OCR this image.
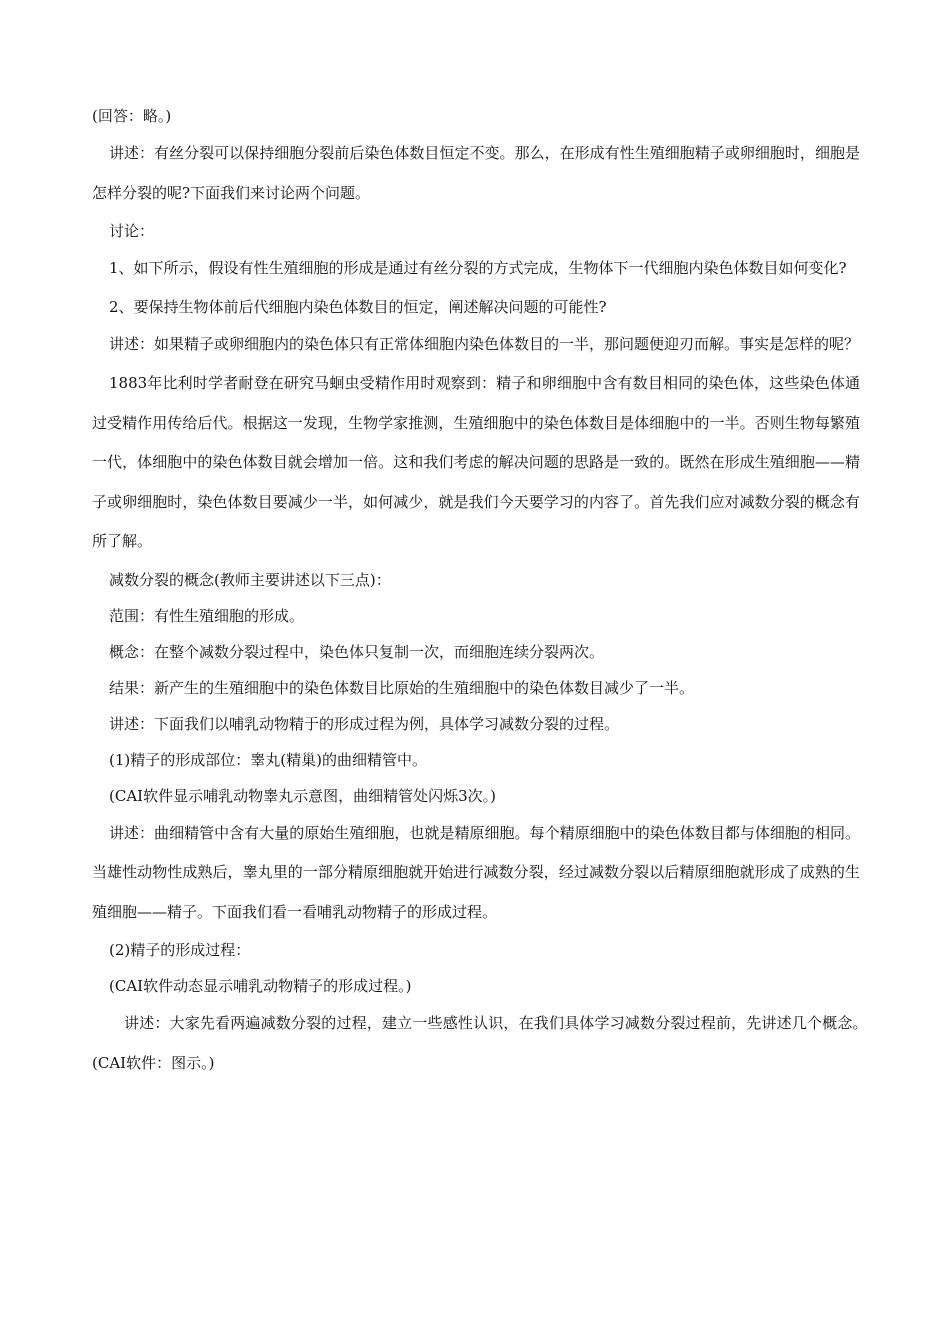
(回答：略。)

讲述：有丝分裂可以保持细胞分裂前后染色体数目恒定不变。那么，在形成有性生殖细胞精子或卵细胞时，细胞是怎样分裂的呢?下面我们来讨论两个问题。

讨论：

1、如下所示，假设有性生殖细胞的形成是通过有丝分裂的方式完成，生物体下一代细胞内染色体数目如何变化?

2、要保持生物体前后代细胞内染色体数目的恒定，阐述解决问题的可能性?

讲述：如果精子或卵细胞内的染色体只有正常体细胞内染色体数目的一半，那问题便迎刃而解。事实是怎样的呢？

1883年比利时学者耐登在研究马蛔虫受精作用时观察到：精子和卵细胞中含有数目相同的染色体，这些染色体通过受精作用传给后代。根据这一发现，生物学家推测，生殖细胞中的染色体数目是体细胞中的一半。否则生物每繁殖一代，体细胞中的染色体数目就会增加一倍。这和我们考虑的解决问题的思路是一致的。既然在形成生殖细胞——精子或卵细胞时，染色体数目要减少一半，如何减少，就是我们今天要学习的内容了。首先我们应对减数分裂的概念有所了解。

减数分裂的概念(教师主要讲述以下三点)：

范围：有性生殖细胞的形成。

概念：在整个减数分裂过程中，染色体只复制一次，而细胞连续分裂两次。

结果：新产生的生殖细胞中的染色体数目比原始的生殖细胞中的染色体数目减少了一半。

讲述：下面我们以哺乳动物精于的形成过程为例，具体学习减数分裂的过程。

(1)精子的形成部位：睾丸(精巢)的曲细精管中。

(CAI软件显示哺乳动物睾丸示意图，曲细精管处闪烁3次。)

讲述：曲细精管中含有大量的原始生殖细胞，也就是精原细胞。每个精原细胞中的染色体数目都与体细胞的相同。当雄性动物性成熟后，睾丸里的一部分精原细胞就开始进行减数分裂，经过减数分裂以后精原细胞就形成了成熟的生殖细胞——精子。下面我们看一看哺乳动物精子的形成过程。

(2)精子的形成过程：

(CAI软件动态显示哺乳动物精子的形成过程。)

讲述：大家先看两遍减数分裂的过程，建立一些感性认识，在我们具体学习减数分裂过程前，先讲述几个概念。　(CAI软件：图示。)
